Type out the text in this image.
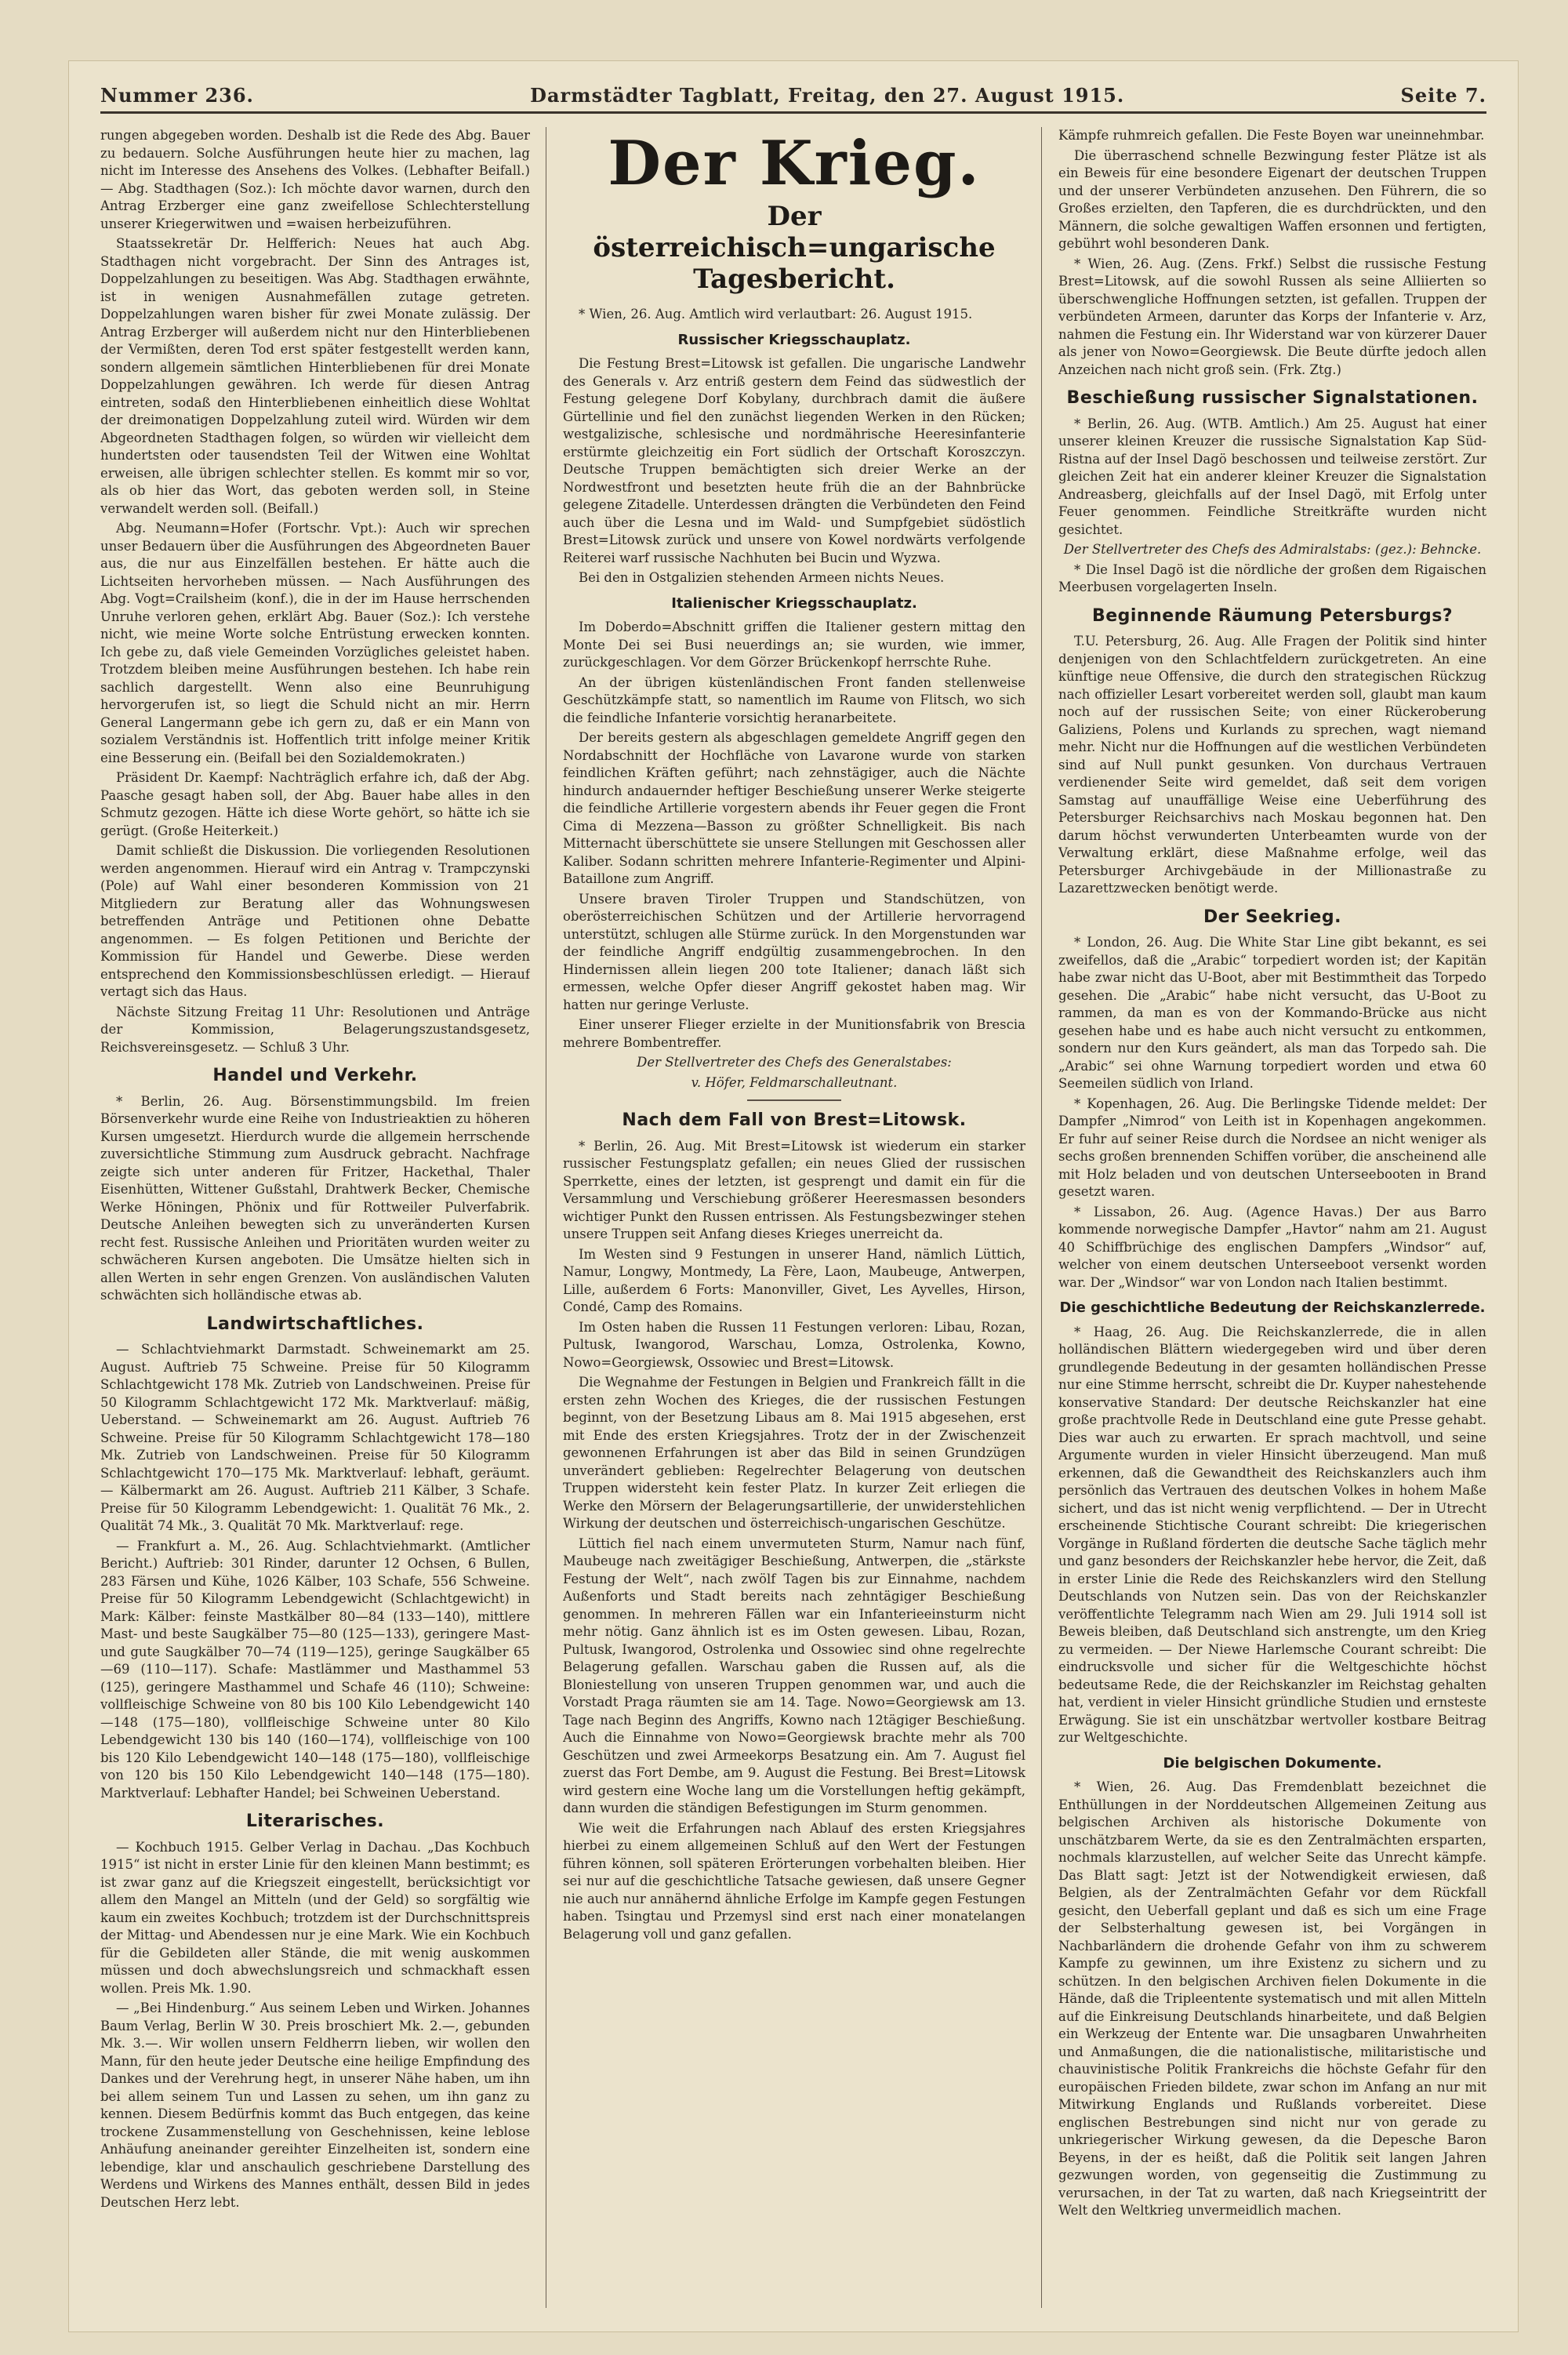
Nummer 236.	Darmstädter Tagblatt, Freitag, den 27. August 1915.	Seite 7.

rungen abgegeben worden. Deshalb ist die Rede des Abg. Bauer zu bedauern. Solche Ausführungen heute hier zu machen, lag nicht im Interesse des Ansehens des Volkes. (Lebhafter Beifall.) — Abg. Stadthagen (Soz.): Ich möchte davor warnen, durch den Antrag Erzberger eine ganz zweifellose Schlechterstellung unserer Kriegerwitwen und =waisen herbeizuführen.

Staatssekretär Dr. Helfferich: Neues hat auch Abg. Stadthagen nicht vorgebracht. Der Sinn des Antrages ist, Doppelzahlungen zu beseitigen. Was Abg. Stadthagen erwähnte, ist in wenigen Ausnahmefällen zutage getreten. Doppelzahlungen waren bisher für zwei Monate zulässig. Der Antrag Erzberger will außerdem nicht nur den Hinterbliebenen der Vermißten, deren Tod erst später festgestellt werden kann, sondern allgemein sämtlichen Hinterbliebenen für drei Monate Doppelzahlungen gewähren. Ich werde für diesen Antrag eintreten, sodaß den Hinterbliebenen einheitlich diese Wohltat der dreimonatigen Doppelzahlung zuteil wird. Würden wir dem Abgeordneten Stadthagen folgen, so würden wir vielleicht dem hundertsten oder tausendsten Teil der Witwen eine Wohltat erweisen, alle übrigen schlechter stellen. Es kommt mir so vor, als ob hier das Wort, das geboten werden soll, in Steine verwandelt werden soll. (Beifall.)

Abg. Neumann=Hofer (Fortschr. Vpt.): Auch wir sprechen unser Bedauern über die Ausführungen des Abgeordneten Bauer aus, die nur aus Einzelfällen bestehen. Er hätte auch die Lichtseiten hervorheben müssen. — Nach Ausführungen des Abg. Vogt=Crailsheim (konf.), die in der im Hause herrschenden Unruhe verloren gehen, erklärt Abg. Bauer (Soz.): Ich verstehe nicht, wie meine Worte solche Entrüstung erwecken konnten. Ich gebe zu, daß viele Gemeinden Vorzügliches geleistet haben. Trotzdem bleiben meine Ausführungen bestehen. Ich habe rein sachlich dargestellt. Wenn also eine Beunruhigung hervorgerufen ist, so liegt die Schuld nicht an mir. Herrn General Langermann gebe ich gern zu, daß er ein Mann von sozialem Verständnis ist. Hoffentlich tritt infolge meiner Kritik eine Besserung ein. (Beifall bei den Sozialdemokraten.)

Präsident Dr. Kaempf: Nachträglich erfahre ich, daß der Abg. Paasche gesagt haben soll, der Abg. Bauer habe alles in den Schmutz gezogen. Hätte ich diese Worte gehört, so hätte ich sie gerügt. (Große Heiterkeit.)

Damit schließt die Diskussion. Die vorliegenden Resolutionen werden angenommen. Hierauf wird ein Antrag v. Trampczynski (Pole) auf Wahl einer besonderen Kommission von 21 Mitgliedern zur Beratung aller das Wohnungswesen betreffenden Anträge und Petitionen ohne Debatte angenommen. — Es folgen Petitionen und Berichte der Kommission für Handel und Gewerbe. Diese werden entsprechend den Kommissionsbeschlüssen erledigt. — Hierauf vertagt sich das Haus.

Nächste Sitzung Freitag 11 Uhr: Resolutionen und Anträge der Kommission, Belagerungszustandsgesetz, Reichsvereinsgesetz. — Schluß 3 Uhr.

Handel und Verkehr.

* Berlin, 26. Aug. Börsenstimmungsbild. Im freien Börsenverkehr wurde eine Reihe von Industrieaktien zu höheren Kursen umgesetzt. Hierdurch wurde die allgemein herrschende zuversichtliche Stimmung zum Ausdruck gebracht. Nachfrage zeigte sich unter anderen für Fritzer, Hackethal, Thaler Eisenhütten, Wittener Gußstahl, Drahtwerk Becker, Chemische Werke Höningen, Phönix und für Rottweiler Pulverfabrik. Deutsche Anleihen bewegten sich zu unveränderten Kursen recht fest. Russische Anleihen und Prioritäten wurden weiter zu schwächeren Kursen angeboten. Die Umsätze hielten sich in allen Werten in sehr engen Grenzen. Von ausländischen Valuten schwächten sich holländische etwas ab.

Landwirtschaftliches.

— Schlachtviehmarkt Darmstadt. Schweinemarkt am 25. August. Auftrieb 75 Schweine. Preise für 50 Kilogramm Schlachtgewicht 178 Mk. Zutrieb von Landschweinen. Preise für 50 Kilogramm Schlachtgewicht 172 Mk. Marktverlauf: mäßig, Ueberstand. — Schweinemarkt am 26. August. Auftrieb 76 Schweine. Preise für 50 Kilogramm Schlachtgewicht 178—180 Mk. Zutrieb von Landschweinen. Preise für 50 Kilogramm Schlachtgewicht 170—175 Mk. Marktverlauf: lebhaft, geräumt. — Kälbermarkt am 26. August. Auftrieb 211 Kälber, 3 Schafe. Preise für 50 Kilogramm Lebendgewicht: 1. Qualität 76 Mk., 2. Qualität 74 Mk., 3. Qualität 70 Mk. Marktverlauf: rege.

— Frankfurt a. M., 26. Aug. Schlachtviehmarkt. (Amtlicher Bericht.) Auftrieb: 301 Rinder, darunter 12 Ochsen, 6 Bullen, 283 Färsen und Kühe, 1026 Kälber, 103 Schafe, 556 Schweine. Preise für 50 Kilogramm Lebendgewicht (Schlachtgewicht) in Mark: Kälber: feinste Mastkälber 80—84 (133—140), mittlere Mast- und beste Saugkälber 75—80 (125—133), geringere Mast- und gute Saugkälber 70—74 (119—125), geringe Saugkälber 65—69 (110—117). Schafe: Mastlämmer und Masthammel 53 (125), geringere Masthammel und Schafe 46 (110); Schweine: vollfleischige Schweine von 80 bis 100 Kilo Lebendgewicht 140—148 (175—180), vollfleischige Schweine unter 80 Kilo Lebendgewicht 130 bis 140 (160—174), vollfleischige von 100 bis 120 Kilo Lebendgewicht 140—148 (175—180), vollfleischige von 120 bis 150 Kilo Lebendgewicht 140—148 (175—180). Marktverlauf: Lebhafter Handel; bei Schweinen Ueberstand.

Literarisches.

— Kochbuch 1915. Gelber Verlag in Dachau. „Das Kochbuch 1915“ ist nicht in erster Linie für den kleinen Mann bestimmt; es ist zwar ganz auf die Kriegszeit eingestellt, berücksichtigt vor allem den Mangel an Mitteln (und der Geld) so sorgfältig wie kaum ein zweites Kochbuch; trotzdem ist der Durchschnittspreis der Mittag- und Abendessen nur je eine Mark. Wie ein Kochbuch für die Gebildeten aller Stände, die mit wenig auskommen müssen und doch abwechslungsreich und schmackhaft essen wollen. Preis Mk. 1.90.

— „Bei Hindenburg.“ Aus seinem Leben und Wirken. Johannes Baum Verlag, Berlin W 30. Preis broschiert Mk. 2.—, gebunden Mk. 3.—. Wir wollen unsern Feldherrn lieben, wir wollen den Mann, für den heute jeder Deutsche eine heilige Empfindung des Dankes und der Verehrung hegt, in unserer Nähe haben, um ihn bei allem seinem Tun und Lassen zu sehen, um ihn ganz zu kennen. Diesem Bedürfnis kommt das Buch entgegen, das keine trockene Zusammenstellung von Geschehnissen, keine leblose Anhäufung aneinander gereihter Einzelheiten ist, sondern eine lebendige, klar und anschaulich geschriebene Darstellung des Werdens und Wirkens des Mannes enthält, dessen Bild in jedes Deutschen Herz lebt.

Der Krieg.
Der österreichisch=ungarische Tagesbericht.

* Wien, 26. Aug. Amtlich wird verlautbart: 26. August 1915.

Russischer Kriegsschauplatz.

Die Festung Brest=Litowsk ist gefallen. Die ungarische Landwehr des Generals v. Arz entriß gestern dem Feind das südwestlich der Festung gelegene Dorf Kobylany, durchbrach damit die äußere Gürtellinie und fiel den zunächst liegenden Werken in den Rücken; westgalizische, schlesische und nordmährische Heeresinfanterie erstürmte gleichzeitig ein Fort südlich der Ortschaft Koroszczyn. Deutsche Truppen bemächtigten sich dreier Werke an der Nordwestfront und besetzten heute früh die an der Bahnbrücke gelegene Zitadelle. Unterdessen drängten die Verbündeten den Feind auch über die Lesna und im Wald- und Sumpfgebiet südöstlich Brest=Litowsk zurück und unsere von Kowel nordwärts verfolgende Reiterei warf russische Nachhuten bei Bucin und Wyzwa.

Bei den in Ostgalizien stehenden Armeen nichts Neues.

Italienischer Kriegsschauplatz.

Im Doberdo=Abschnitt griffen die Italiener gestern mittag den Monte Dei sei Busi neuerdings an; sie wurden, wie immer, zurückgeschlagen. Vor dem Görzer Brückenkopf herrschte Ruhe.

An der übrigen küstenländischen Front fanden stellenweise Geschützkämpfe statt, so namentlich im Raume von Flitsch, wo sich die feindliche Infanterie vorsichtig heranarbeitete.

Der bereits gestern als abgeschlagen gemeldete Angriff gegen den Nordabschnitt der Hochfläche von Lavarone wurde von starken feindlichen Kräften geführt; nach zehnstägiger, auch die Nächte hindurch andauernder heftiger Beschießung unserer Werke steigerte die feindliche Artillerie vorgestern abends ihr Feuer gegen die Front Cima di Mezzena—Basson zu größter Schnelligkeit. Bis nach Mitternacht überschüttete sie unsere Stellungen mit Geschossen aller Kaliber. Sodann schritten mehrere Infanterie-Regimenter und Alpini-Bataillone zum Angriff.

Unsere braven Tiroler Truppen und Standschützen, von oberösterreichischen Schützen und der Artillerie hervorragend unterstützt, schlugen alle Stürme zurück. In den Morgenstunden war der feindliche Angriff endgültig zusammengebrochen. In den Hindernissen allein liegen 200 tote Italiener; danach läßt sich ermessen, welche Opfer dieser Angriff gekostet haben mag. Wir hatten nur geringe Verluste.

Einer unserer Flieger erzielte in der Munitionsfabrik von Brescia mehrere Bombentreffer.

Der Stellvertreter des Chefs des Generalstabes:

v. Höfer, Feldmarschalleutnant.

Nach dem Fall von Brest=Litowsk.

* Berlin, 26. Aug. Mit Brest=Litowsk ist wiederum ein starker russischer Festungsplatz gefallen; ein neues Glied der russischen Sperrkette, eines der letzten, ist gesprengt und damit ein für die Versammlung und Verschiebung größerer Heeresmassen besonders wichtiger Punkt den Russen entrissen. Als Festungsbezwinger stehen unsere Truppen seit Anfang dieses Krieges unerreicht da.

Im Westen sind 9 Festungen in unserer Hand, nämlich Lüttich, Namur, Longwy, Montmedy, La Fère, Laon, Maubeuge, Antwerpen, Lille, außerdem 6 Forts: Manonviller, Givet, Les Ayvelles, Hirson, Condé, Camp des Romains.

Im Osten haben die Russen 11 Festungen verloren: Libau, Rozan, Pultusk, Iwangorod, Warschau, Lomza, Ostrolenka, Kowno, Nowo=Georgiewsk, Ossowiec und Brest=Litowsk.

Die Wegnahme der Festungen in Belgien und Frankreich fällt in die ersten zehn Wochen des Krieges, die der russischen Festungen beginnt, von der Besetzung Libaus am 8. Mai 1915 abgesehen, erst mit Ende des ersten Kriegsjahres. Trotz der in der Zwischenzeit gewonnenen Erfahrungen ist aber das Bild in seinen Grundzügen unverändert geblieben: Regelrechter Belagerung von deutschen Truppen widersteht kein fester Platz. In kurzer Zeit erliegen die Werke den Mörsern der Belagerungsartillerie, der unwiderstehlichen Wirkung der deutschen und österreichisch-ungarischen Geschütze.

Lüttich fiel nach einem unvermuteten Sturm, Namur nach fünf, Maubeuge nach zweitägiger Beschießung, Antwerpen, die „stärkste Festung der Welt“, nach zwölf Tagen bis zur Einnahme, nachdem Außenforts und Stadt bereits nach zehntägiger Beschießung genommen. In mehreren Fällen war ein Infanterieeinsturm nicht mehr nötig. Ganz ähnlich ist es im Osten gewesen. Libau, Rozan, Pultusk, Iwangorod, Ostrolenka und Ossowiec sind ohne regelrechte Belagerung gefallen. Warschau gaben die Russen auf, als die Bloniestellung von unseren Truppen genommen war, und auch die Vorstadt Praga räumten sie am 14. Tage. Nowo=Georgiewsk am 13. Tage nach Beginn des Angriffs, Kowno nach 12tägiger Beschießung. Auch die Einnahme von Nowo=Georgiewsk brachte mehr als 700 Geschützen und zwei Armeekorps Besatzung ein. Am 7. August fiel zuerst das Fort Dembe, am 9. August die Festung. Bei Brest=Litowsk wird gestern eine Woche lang um die Vorstellungen heftig gekämpft, dann wurden die ständigen Befestigungen im Sturm genommen.

Wie weit die Erfahrungen nach Ablauf des ersten Kriegsjahres hierbei zu einem allgemeinen Schluß auf den Wert der Festungen führen können, soll späteren Erörterungen vorbehalten bleiben. Hier sei nur auf die geschichtliche Tatsache gewiesen, daß unsere Gegner nie auch nur annähernd ähnliche Erfolge im Kampfe gegen Festungen haben. Tsingtau und Przemysl sind erst nach einer monatelangen Belagerung voll und ganz gefallen.

Kämpfe ruhmreich gefallen. Die Feste Boyen war uneinnehmbar.

Die überraschend schnelle Bezwingung fester Plätze ist als ein Beweis für eine besondere Eigenart der deutschen Truppen und der unserer Verbündeten anzusehen. Den Führern, die so Großes erzielten, den Tapferen, die es durchdrückten, und den Männern, die solche gewaltigen Waffen ersonnen und fertigten, gebührt wohl besonderen Dank.

* Wien, 26. Aug. (Zens. Frkf.) Selbst die russische Festung Brest=Litowsk, auf die sowohl Russen als seine Alliierten so überschwengliche Hoffnungen setzten, ist gefallen. Truppen der verbündeten Armeen, darunter das Korps der Infanterie v. Arz, nahmen die Festung ein. Ihr Widerstand war von kürzerer Dauer als jener von Nowo=Georgiewsk. Die Beute dürfte jedoch allen Anzeichen nach nicht groß sein. (Frk. Ztg.)

Beschießung russischer Signalstationen.

* Berlin, 26. Aug. (WTB. Amtlich.) Am 25. August hat einer unserer kleinen Kreuzer die russische Signalstation Kap Süd-Ristna auf der Insel Dagö beschossen und teilweise zerstört. Zur gleichen Zeit hat ein anderer kleiner Kreuzer die Signalstation Andreasberg, gleichfalls auf der Insel Dagö, mit Erfolg unter Feuer genommen. Feindliche Streitkräfte wurden nicht gesichtet.

Der Stellvertreter des Chefs des Admiralstabs: (gez.): Behncke.

* Die Insel Dagö ist die nördliche der großen dem Rigaischen Meerbusen vorgelagerten Inseln.

Beginnende Räumung Petersburgs?

T.U. Petersburg, 26. Aug. Alle Fragen der Politik sind hinter denjenigen von den Schlachtfeldern zurückgetreten. An eine künftige neue Offensive, die durch den strategischen Rückzug nach offizieller Lesart vorbereitet werden soll, glaubt man kaum noch auf der russischen Seite; von einer Rückeroberung Galiziens, Polens und Kurlands zu sprechen, wagt niemand mehr. Nicht nur die Hoffnungen auf die westlichen Verbündeten sind auf Null punkt gesunken. Von durchaus Vertrauen verdienender Seite wird gemeldet, daß seit dem vorigen Samstag auf unauffällige Weise eine Ueberführung des Petersburger Reichsarchivs nach Moskau begonnen hat. Den darum höchst verwunderten Unterbeamten wurde von der Verwaltung erklärt, diese Maßnahme erfolge, weil das Petersburger Archivgebäude in der Millionastraße zu Lazarettzwecken benötigt werde.

Der Seekrieg.

* London, 26. Aug. Die White Star Line gibt bekannt, es sei zweifellos, daß die „Arabic“ torpediert worden ist; der Kapitän habe zwar nicht das U-Boot, aber mit Bestimmtheit das Torpedo gesehen. Die „Arabic“ habe nicht versucht, das U-Boot zu rammen, da man es von der Kommando-Brücke aus nicht gesehen habe und es habe auch nicht versucht zu entkommen, sondern nur den Kurs geändert, als man das Torpedo sah. Die „Arabic“ sei ohne Warnung torpediert worden und etwa 60 Seemeilen südlich von Irland.

* Kopenhagen, 26. Aug. Die Berlingske Tidende meldet: Der Dampfer „Nimrod“ von Leith ist in Kopenhagen angekommen. Er fuhr auf seiner Reise durch die Nordsee an nicht weniger als sechs großen brennenden Schiffen vorüber, die anscheinend alle mit Holz beladen und von deutschen Unterseebooten in Brand gesetzt waren.

* Lissabon, 26. Aug. (Agence Havas.) Der aus Barro kommende norwegische Dampfer „Havtor“ nahm am 21. August 40 Schiffbrüchige des englischen Dampfers „Windsor“ auf, welcher von einem deutschen Unterseeboot versenkt worden war. Der „Windsor“ war von London nach Italien bestimmt.

Die geschichtliche Bedeutung der Reichskanzlerrede.

* Haag, 26. Aug. Die Reichskanzlerrede, die in allen holländischen Blättern wiedergegeben wird und über deren grundlegende Bedeutung in der gesamten holländischen Presse nur eine Stimme herrscht, schreibt die Dr. Kuyper nahestehende konservative Standard: Der deutsche Reichskanzler hat eine große prachtvolle Rede in Deutschland eine gute Presse gehabt. Dies war auch zu erwarten. Er sprach machtvoll, und seine Argumente wurden in vieler Hinsicht überzeugend. Man muß erkennen, daß die Gewandtheit des Reichskanzlers auch ihm persönlich das Vertrauen des deutschen Volkes in hohem Maße sichert, und das ist nicht wenig verpflichtend. — Der in Utrecht erscheinende Stichtische Courant schreibt: Die kriegerischen Vorgänge in Rußland förderten die deutsche Sache täglich mehr und ganz besonders der Reichskanzler hebe hervor, die Zeit, daß in erster Linie die Rede des Reichskanzlers wird den Stellung Deutschlands von Nutzen sein. Das von der Reichskanzler veröffentlichte Telegramm nach Wien am 29. Juli 1914 soll ist Beweis bleiben, daß Deutschland sich anstrengte, um den Krieg zu vermeiden. — Der Niewe Harlemsche Courant schreibt: Die eindrucksvolle und sicher für die Weltgeschichte höchst bedeutsame Rede, die der Reichskanzler im Reichstag gehalten hat, verdient in vieler Hinsicht gründliche Studien und ernsteste Erwägung. Sie ist ein unschätzbar wertvoller kostbare Beitrag zur Weltgeschichte.

Die belgischen Dokumente.

* Wien, 26. Aug. Das Fremdenblatt bezeichnet die Enthüllungen in der Norddeutschen Allgemeinen Zeitung aus belgischen Archiven als historische Dokumente von unschätzbarem Werte, da sie es den Zentralmächten ersparten, nochmals klarzustellen, auf welcher Seite das Unrecht kämpfe. Das Blatt sagt: Jetzt ist der Notwendigkeit erwiesen, daß Belgien, als der Zentralmächten Gefahr vor dem Rückfall gesicht, den Ueberfall geplant und daß es sich um eine Frage der Selbsterhaltung gewesen ist, bei Vorgängen in Nachbarländern die drohende Gefahr von ihm zu schwerem Kampfe zu gewinnen, um ihre Existenz zu sichern und zu schützen. In den belgischen Archiven fielen Dokumente in die Hände, daß die Tripleentente systematisch und mit allen Mitteln auf die Einkreisung Deutschlands hinarbeitete, und daß Belgien ein Werkzeug der Entente war. Die unsagbaren Unwahrheiten und Anmaßungen, die die nationalistische, militaristische und chauvinistische Politik Frankreichs die höchste Gefahr für den europäischen Frieden bildete, zwar schon im Anfang an nur mit Mitwirkung Englands und Rußlands vorbereitet. Diese englischen Bestrebungen sind nicht nur von gerade zu unkriegerischer Wirkung gewesen, da die Depesche Baron Beyens, in der es heißt, daß die Politik seit langen Jahren gezwungen worden, von gegenseitig die Zustimmung zu verursachen, in der Tat zu warten, daß nach Kriegseintritt der Welt den Weltkrieg unvermeidlich machen.
